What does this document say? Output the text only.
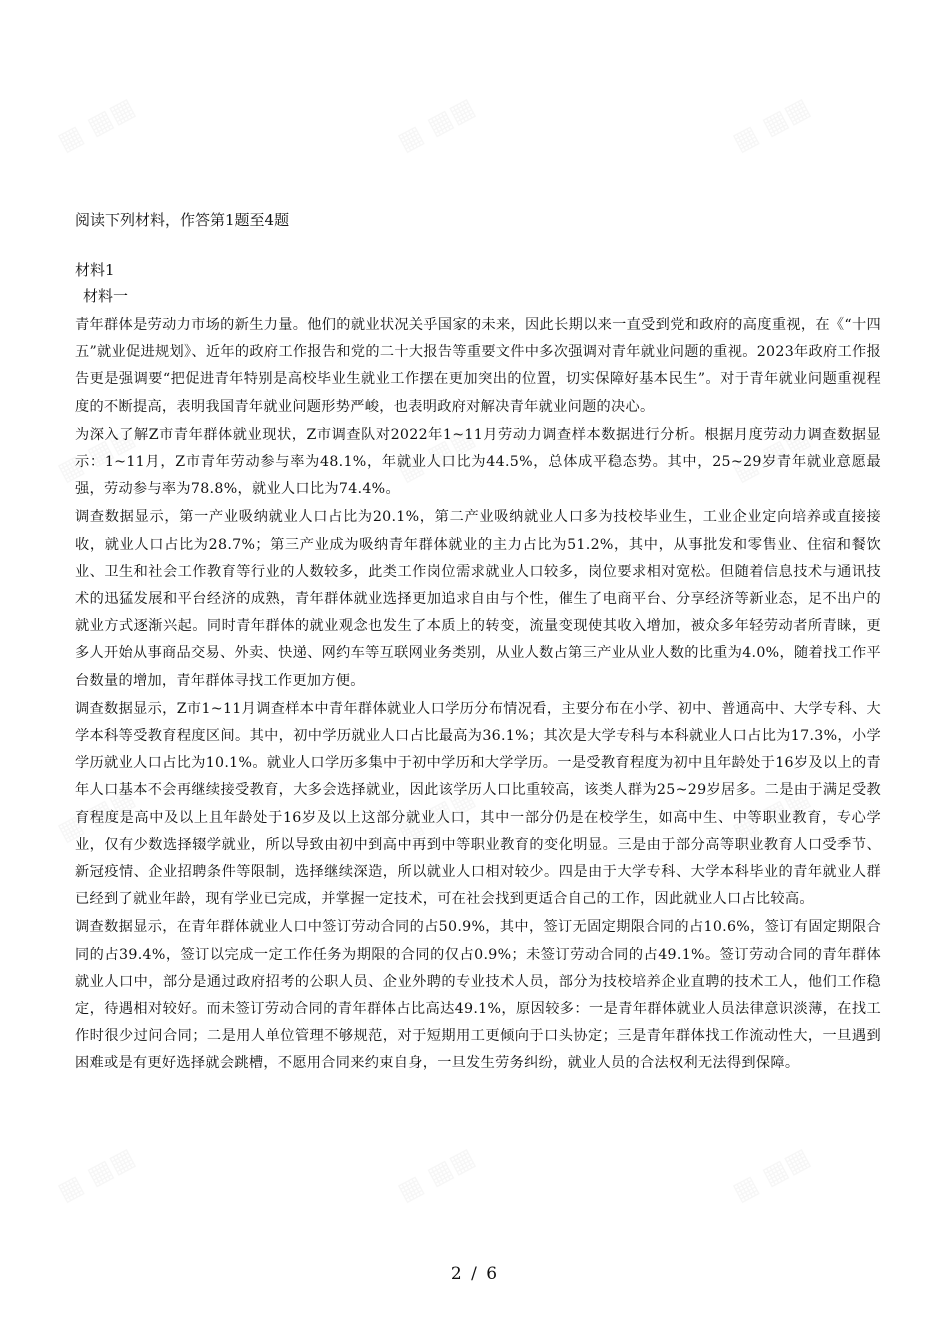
阅读下列材料，作答第1题至4题

材料1

材料一

青年群体是劳动力市场的新生力量。他们的就业状况关乎国家的未来，因此长期以来一直受到党和政府的高度重视，在《“十四五”就业促进规划》、近年的政府工作报告和党的二十大报告等重要文件中多次强调对青年就业问题的重视。2023年政府工作报告更是强调要“把促进青年特别是高校毕业生就业工作摆在更加突出的位置，切实保障好基本民生”。对于青年就业问题重视程度的不断提高，表明我国青年就业问题形势严峻，也表明政府对解决青年就业问题的决心。

为深入了解Z市青年群体就业现状，Z市调查队对2022年1~11月劳动力调查样本数据进行分析。根据月度劳动力调查数据显示：1~11月，Z市青年劳动参与率为48.1%，年就业人口比为44.5%，总体成平稳态势。其中，25~29岁青年就业意愿最强，劳动参与率为78.8%，就业人口比为74.4%。

调查数据显示，第一产业吸纳就业人口占比为20.1%，第二产业吸纳就业人口多为技校毕业生，工业企业定向培养或直接接收，就业人口占比为28.7%；第三产业成为吸纳青年群体就业的主力占比为51.2%，其中，从事批发和零售业、住宿和餐饮业、卫生和社会工作教育等行业的人数较多，此类工作岗位需求就业人口较多，岗位要求相对宽松。但随着信息技术与通讯技术的迅猛发展和平台经济的成熟，青年群体就业选择更加追求自由与个性，催生了电商平台、分享经济等新业态，足不出户的就业方式逐渐兴起。同时青年群体的就业观念也发生了本质上的转变，流量变现使其收入增加，被众多年轻劳动者所青睐，更多人开始从事商品交易、外卖、快递、网约车等互联网业务类别，从业人数占第三产业从业人数的比重为4.0%，随着找工作平台数量的增加，青年群体寻找工作更加方便。

调查数据显示，Z市1~11月调查样本中青年群体就业人口学历分布情况看，主要分布在小学、初中、普通高中、大学专科、大学本科等受教育程度区间。其中，初中学历就业人口占比最高为36.1%；其次是大学专科与本科就业人口占比为17.3%，小学学历就业人口占比为10.1%。就业人口学历多集中于初中学历和大学学历。一是受教育程度为初中且年龄处于16岁及以上的青年人口基本不会再继续接受教育，大多会选择就业，因此该学历人口比重较高，该类人群为25~29岁居多。二是由于满足受教育程度是高中及以上且年龄处于16岁及以上这部分就业人口，其中一部分仍是在校学生，如高中生、中等职业教育，专心学业，仅有少数选择辍学就业，所以导致由初中到高中再到中等职业教育的变化明显。三是由于部分高等职业教育人口受季节、新冠疫情、企业招聘条件等限制，选择继续深造，所以就业人口相对较少。四是由于大学专科、大学本科毕业的青年就业人群已经到了就业年龄，现有学业已完成，并掌握一定技术，可在社会找到更适合自己的工作，因此就业人口占比较高。

调查数据显示，在青年群体就业人口中签订劳动合同的占50.9%，其中，签订无固定期限合同的占10.6%，签订有固定期限合同的占39.4%，签订以完成一定工作任务为期限的合同的仅占0.9%；未签订劳动合同的占49.1%。签订劳动合同的青年群体就业人口中，部分是通过政府招考的公职人员、企业外聘的专业技术人员，部分为技校培养企业直聘的技术工人，他们工作稳定，待遇相对较好。而未签订劳动合同的青年群体占比高达49.1%，原因较多：一是青年群体就业人员法律意识淡薄，在找工作时很少过问合同；二是用人单位管理不够规范，对于短期用工更倾向于口头协定；三是青年群体找工作流动性大，一旦遇到困难或是有更好选择就会跳槽，不愿用合同来约束自身，一旦发生劳务纠纷，就业人员的合法权利无法得到保障。

2 / 6
